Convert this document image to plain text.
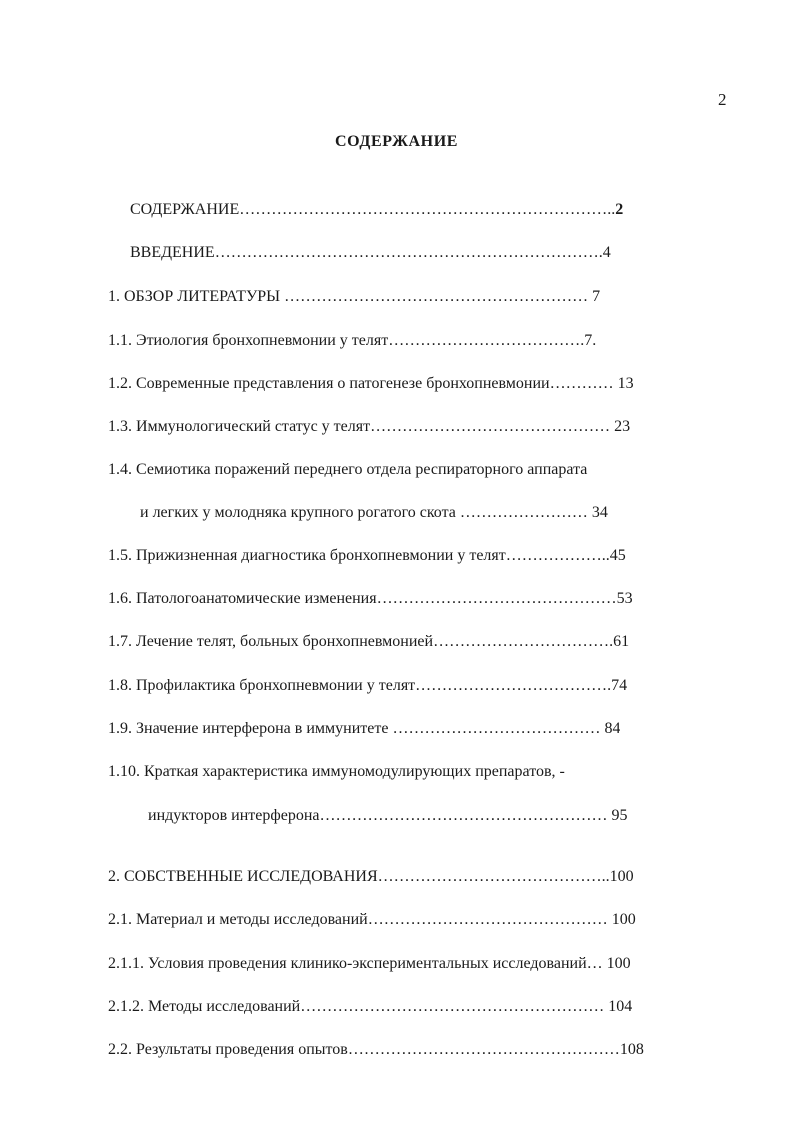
2
СОДЕРЖАНИЕ
СОДЕРЖАНИЕ……………………………………………………………..2
ВВЕДЕНИЕ……………………………………………………………….4
1. ОБЗОР ЛИТЕРАТУРЫ ………………………………………………… 7
1.1. Этиология бронхопневмонии у телят……………………………….7.
1.2. Современные представления о патогенезе бронхопневмонии………… 13
1.3. Иммунологический статус у телят……………………………………… 23
1.4. Семиотика поражений переднего отдела респираторного аппарата
и легких у молодняка крупного рогатого скота …………………… 34
1.5. Прижизненная диагностика бронхопневмонии у телят………………..45
1.6. Патологоанатомические изменения………………………………………53
1.7. Лечение телят, больных бронхопневмонией…………………………….61
1.8. Профилактика бронхопневмонии у телят……………………………….74
1.9. Значение интерферона в иммунитете ………………………………… 84
1.10. Краткая характеристика иммуномодулирующих препаратов, -
индукторов интерферона……………………………………………… 95
2. СОБСТВЕННЫЕ ИССЛЕДОВАНИЯ……………………………………..100
2.1. Материал и методы исследований……………………………………… 100
2.1.1. Условия проведения клинико-экспериментальных исследований… 100
2.1.2. Методы исследований………………………………………………… 104
2.2. Результаты проведения опытов……………………………………………108
